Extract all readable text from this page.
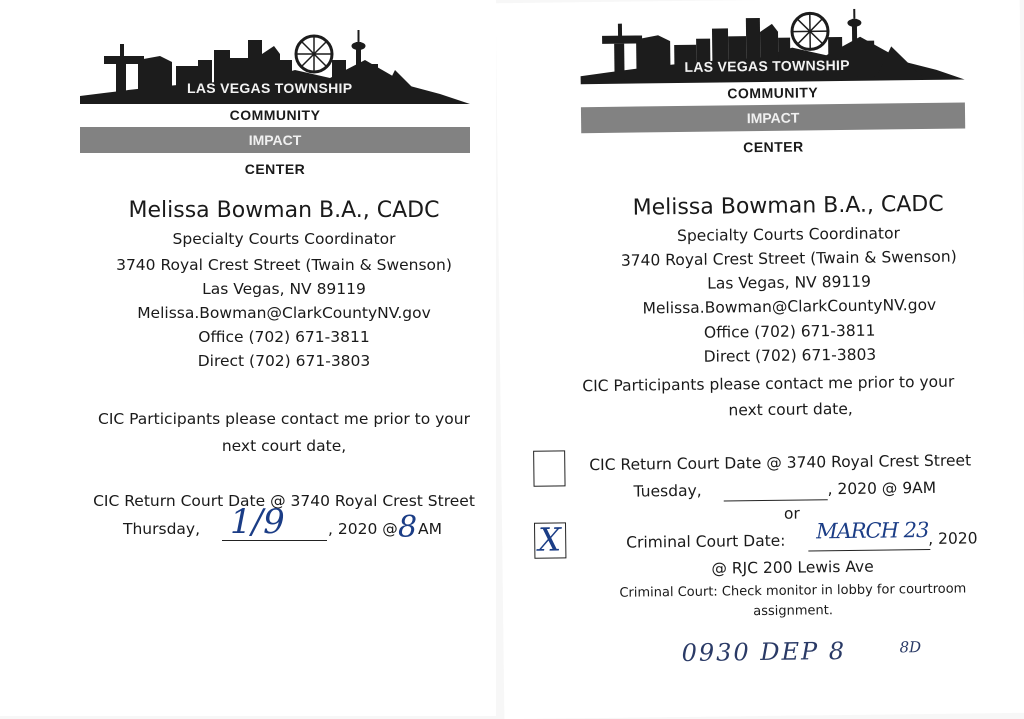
LAS VEGAS TOWNSHIP
COMMUNITY
IMPACT
CENTER
Melissa Bowman B.A., CADC
Specialty Courts Coordinator
3740 Royal Crest Street (Twain & Swenson)
Las Vegas, NV 89119
Melissa.Bowman@ClarkCountyNV.gov
Office (702) 671-3811
Direct (702) 671-3803
CIC Participants please contact me prior to your
next court date,
CIC Return Court Date @ 3740 Royal Crest Street
Thursday, 1/9	, 2020 @ 8 AM
LAS VEGAS TOWNSHIP
COMMUNITY
IMPACT
CENTER
Melissa Bowman B.A., CADC
Specialty Courts Coordinator
3740 Royal Crest Street (Twain & Swenson)
Las Vegas, NV 89119
Melissa.Bowman@ClarkCountyNV.gov
Office (702) 671-3811
Direct (702) 671-3803
CIC Participants please contact me prior to your
next court date,
CIC Return Court Date @ 3740 Royal Crest Street
Tuesday,	, 2020 @ 9AM
or
X	Criminal Court Date: MARCH 23 , 2020
@ RJC 200 Lewis Ave
Criminal Court: Check monitor in lobby for courtroom
assignment.
0930 DEP 8	8D
